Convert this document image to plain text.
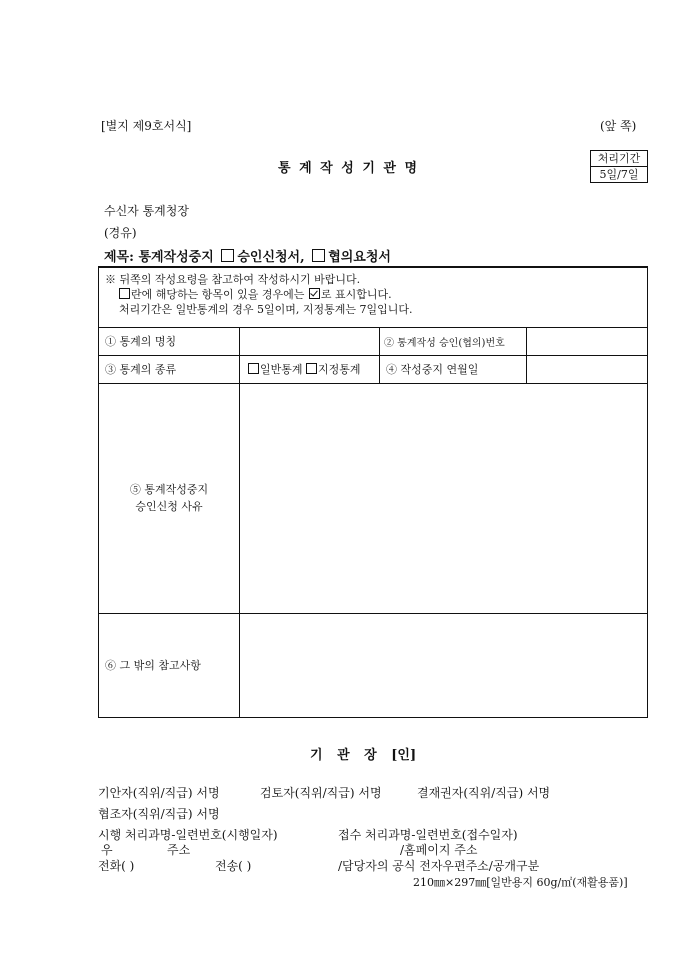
[별지 제9호서식]	(앞 쪽)
통 계 작 성 기 관 명
처리기간
5일/7일
수신자 통계청장
(경유)
제목: 통계작성중지 승인신청서, 협의요청서
※ 뒤쪽의 작성요령을 참고하여 작성하시기 바랍니다.
란에 해당하는 항목이 있을 경우에는 로 표시합니다.
처리기간은 일반통계의 경우 5일이며, 지정통계는 7일입니다.			

① 통계의 명칭		② 통계작성 승인(협의)번호	
③ 통계의 종류	일반통계 지정통계	④ 작성중지 연월일	

⑤ 통계작성중지
승인신청 사유			

⑥ 그 밖의 참고사항			
기 관 장 [인]
기안자(직위/직급) 서명	검토자(직위/직급) 서명	결재권자(직위/직급) 서명
협조자(직위/직급) 서명
시행 처리과명-일련번호(시행일자)	접수 처리과명-일련번호(접수일자)
우	주소	/홈페이지 주소
전화( )	전송( )	/담당자의 공식 전자우편주소/공개구분
210㎜×297㎜[일반용지 60g/㎡(재활용품)]
